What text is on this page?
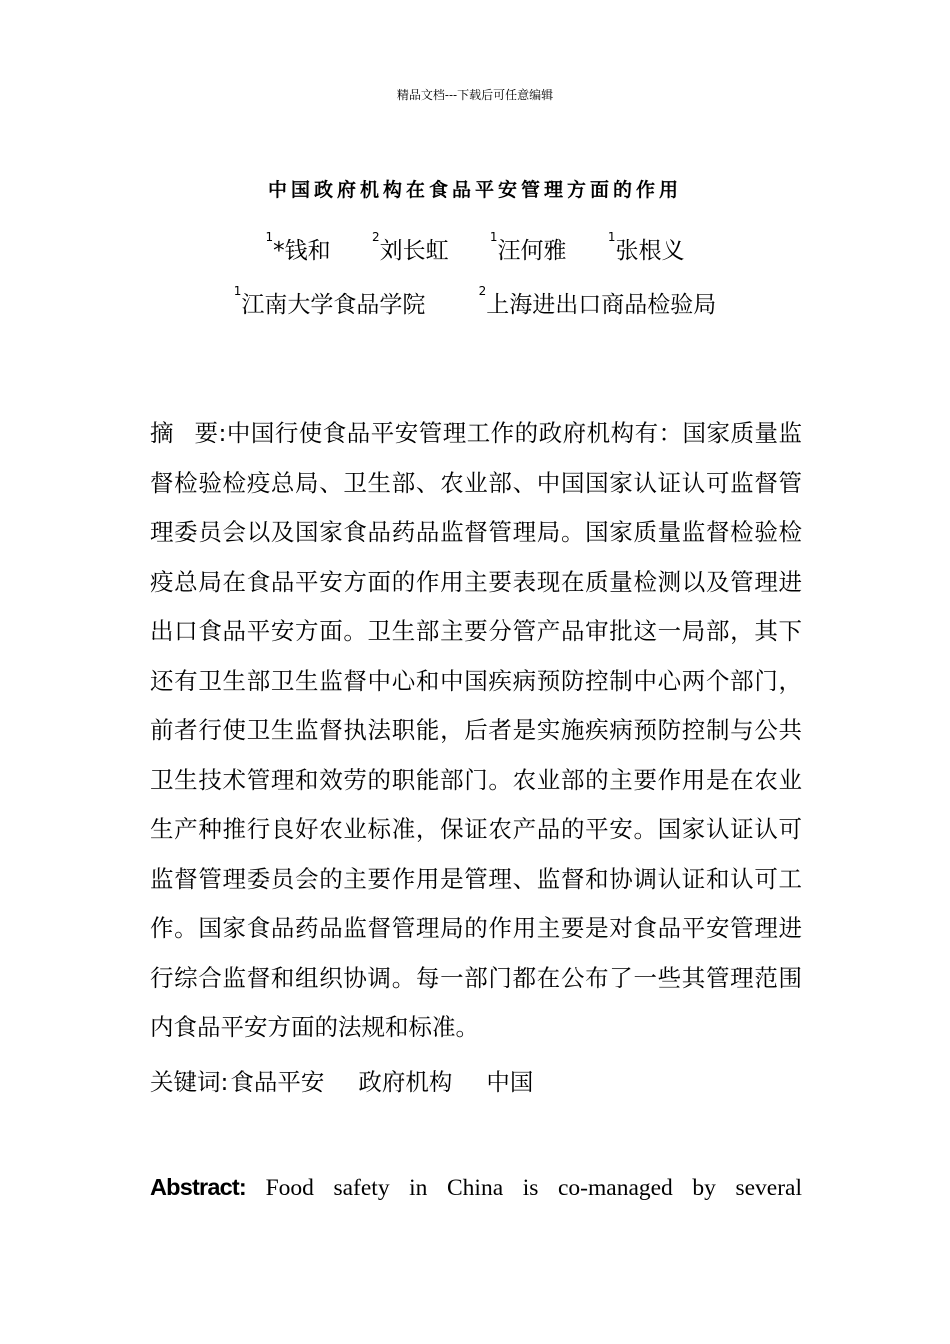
精品文档---下载后可任意编辑
中国政府机构在食品平安管理方面的作用
$^1$*钱和 $^2$刘长虹 $^1$汪何雅 $^1$张根义
$^1$江南大学食品学院 $^2$上海进出口商品检验局
摘 要:中国行使食品平安管理工作的政府机构有：国家质量监督检验检疫总局、卫生部、农业部、中国国家认证认可监督管理委员会以及国家食品药品监督管理局。国家质量监督检验检疫总局在食品平安方面的作用主要表现在质量检测以及管理进出口食品平安方面。卫生部主要分管产品审批这一局部，其下还有卫生部卫生监督中心和中国疾病预防控制中心两个部门，前者行使卫生监督执法职能，后者是实施疾病预防控制与公共卫生技术管理和效劳的职能部门。农业部的主要作用是在农业生产种推行良好农业标准，保证农产品的平安。国家认证认可监督管理委员会的主要作用是管理、监督和协调认证和认可工作。国家食品药品监督管理局的作用主要是对食品平安管理进行综合监督和组织协调。每一部门都在公布了一些其管理范围内食品平安方面的法规和标准。
关键词:食品平安 政府机构 中国
Abstract: Food safety in China is co-managed by several
